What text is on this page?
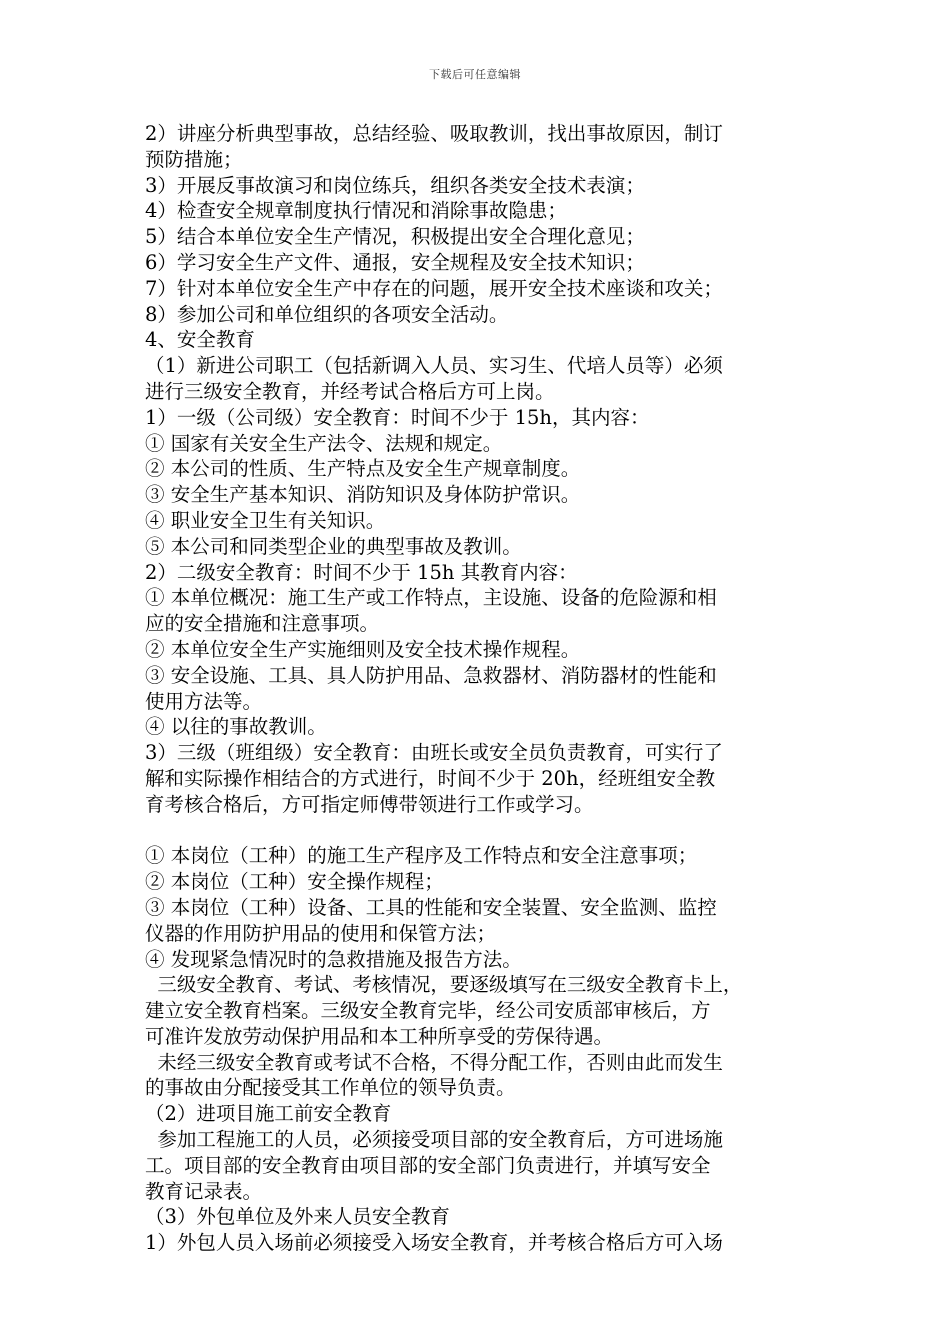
下载后可任意编辑
2）讲座分析典型事故，总结经验、吸取教训，找出事故原因，制订
预防措施；
3）开展反事故演习和岗位练兵，组织各类安全技术表演；
4）检查安全规章制度执行情况和消除事故隐患；
5）结合本单位安全生产情况，积极提出安全合理化意见；
6）学习安全生产文件、通报，安全规程及安全技术知识；
7）针对本单位安全生产中存在的问题，展开安全技术座谈和攻关；
8）参加公司和单位组织的各项安全活动。
4、安全教育
（1）新进公司职工（包括新调入人员、实习生、代培人员等）必须
进行三级安全教育，并经考试合格后方可上岗。
1）一级（公司级）安全教育：时间不少于 15h，其内容：
① 国家有关安全生产法令、法规和规定。
② 本公司的性质、生产特点及安全生产规章制度。
③ 安全生产基本知识、消防知识及身体防护常识。
④ 职业安全卫生有关知识。
⑤ 本公司和同类型企业的典型事故及教训。
2）二级安全教育：时间不少于 15h 其教育内容：
① 本单位概况：施工生产或工作特点，主设施、设备的危险源和相
应的安全措施和注意事项。
② 本单位安全生产实施细则及安全技术操作规程。
③ 安全设施、工具、具人防护用品、急救器材、消防器材的性能和
使用方法等。
④ 以往的事故教训。
3）三级（班组级）安全教育：由班长或安全员负责教育，可实行了
解和实际操作相结合的方式进行，时间不少于 20h，经班组安全教
育考核合格后，方可指定师傅带领进行工作或学习。
① 本岗位（工种）的施工生产程序及工作特点和安全注意事项；
② 本岗位（工种）安全操作规程；
③ 本岗位（工种）设备、工具的性能和安全装置、安全监测、监控
仪器的作用防护用品的使用和保管方法；
④ 发现紧急情况时的急救措施及报告方法。
三级安全教育、考试、考核情况，要逐级填写在三级安全教育卡上，
建立安全教育档案。三级安全教育完毕，经公司安质部审核后，方
可准许发放劳动保护用品和本工种所享受的劳保待遇。
未经三级安全教育或考试不合格，不得分配工作，否则由此而发生
的事故由分配接受其工作单位的领导负责。
（2）进项目施工前安全教育
参加工程施工的人员，必须接受项目部的安全教育后，方可进场施
工。项目部的安全教育由项目部的安全部门负责进行，并填写安全
教育记录表。
（3）外包单位及外来人员安全教育
1）外包人员入场前必须接受入场安全教育，并考核合格后方可入场
